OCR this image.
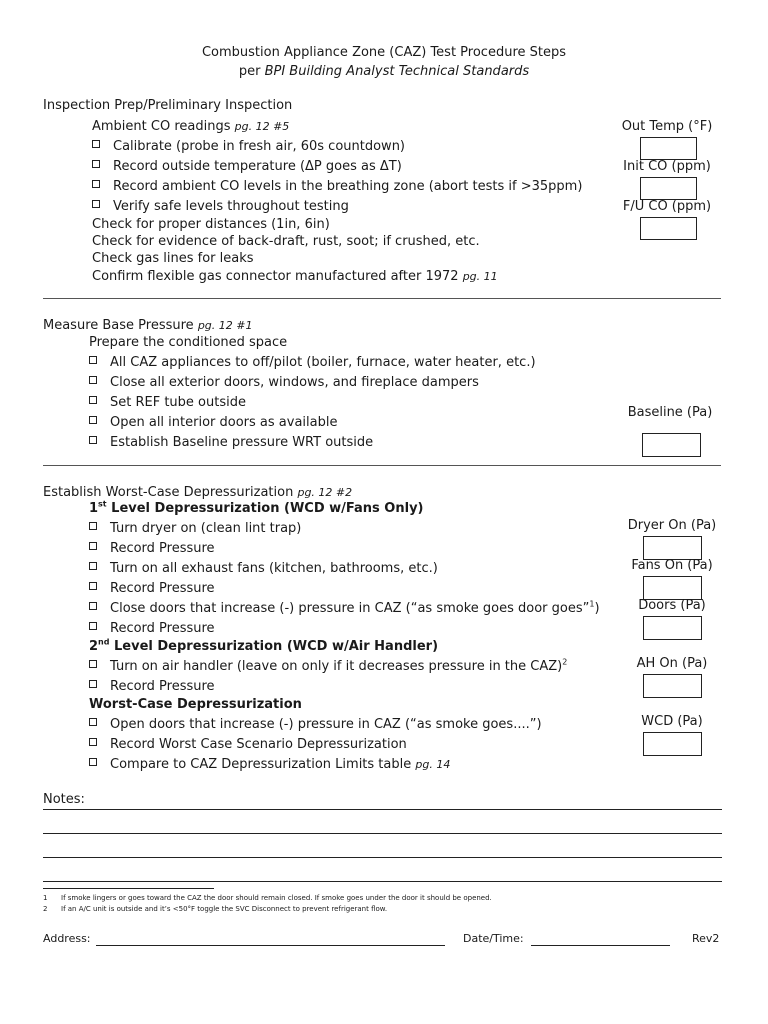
Combustion Appliance Zone (CAZ) Test Procedure Steps
per BPI Building Analyst Technical Standards
Inspection Prep/Preliminary Inspection
Ambient CO readings pg. 12 #5
Calibrate (probe in fresh air, 60s countdown)
Record outside temperature (ΔP goes as ΔT)
Record ambient CO levels in the breathing zone (abort tests if >35ppm)
Verify safe levels throughout testing
Check for proper distances (1in, 6in)
Check for evidence of back-draft, rust, soot; if crushed, etc.
Check gas lines for leaks
Confirm flexible gas connector manufactured after 1972 pg. 11
Out Temp (°F)
Init CO (ppm)
F/U CO (ppm)
Measure Base Pressure pg. 12 #1
Prepare the conditioned space
All CAZ appliances to off/pilot (boiler, furnace, water heater, etc.)
Close all exterior doors, windows, and fireplace dampers
Set REF tube outside
Open all interior doors as available
Establish Baseline pressure WRT outside
Baseline (Pa)
Establish Worst-Case Depressurization pg. 12 #2
1st Level Depressurization (WCD w/Fans Only)
Turn dryer on (clean lint trap)
Record Pressure
Turn on all exhaust fans (kitchen, bathrooms, etc.)
Record Pressure
Close doors that increase (-) pressure in CAZ (“as smoke goes door goes”$^1$)
Record Pressure
2nd Level Depressurization (WCD w/Air Handler)
Turn on air handler (leave on only if it decreases pressure in the CAZ)$^2$
Record Pressure
Worst-Case Depressurization
Open doors that increase (-) pressure in CAZ (“as smoke goes....”)
Record Worst Case Scenario Depressurization
Compare to CAZ Depressurization Limits table pg. 14
Dryer On (Pa)
Fans On (Pa)
Doors (Pa)
AH On (Pa)
WCD (Pa)
Notes:
1 If smoke lingers or goes toward the CAZ the door should remain closed. If smoke goes under the door it should be opened.
2 If an A/C unit is outside and it’s <50°F toggle the SVC Disconnect to prevent refrigerant flow.
Address:	Date/Time:	Rev2
